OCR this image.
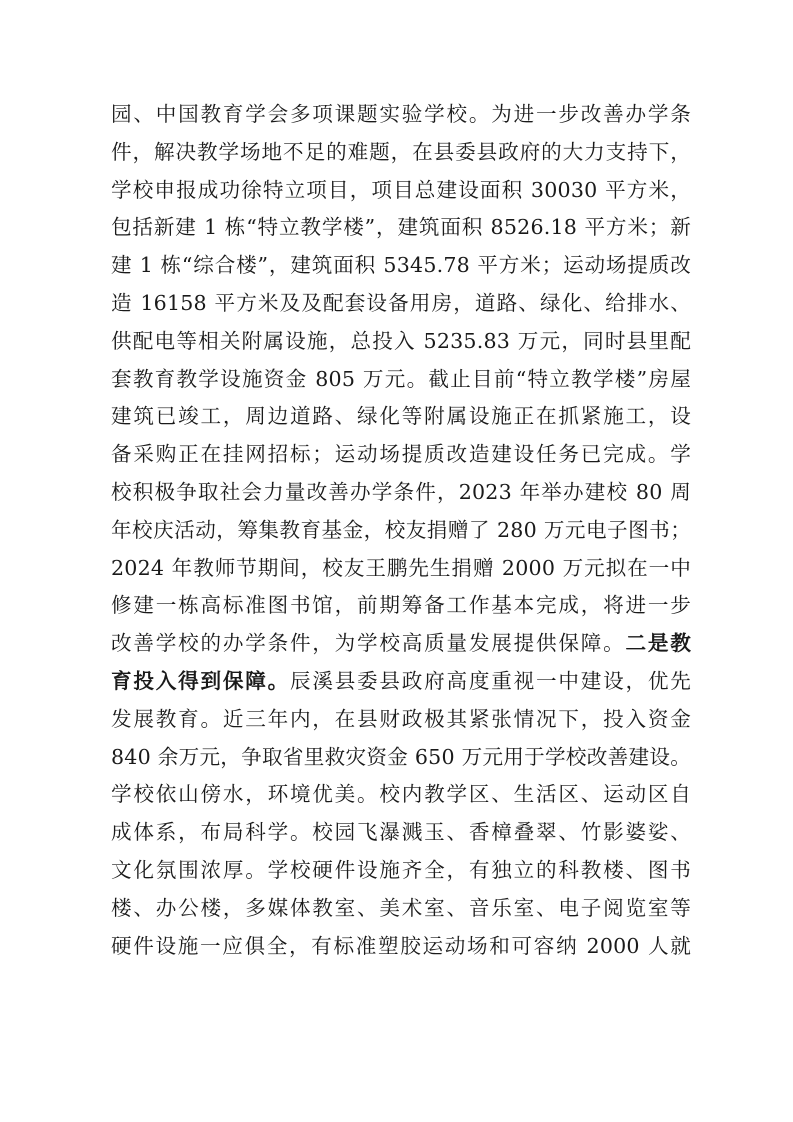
园、中国教育学会多项课题实验学校。为进一步改善办学条
件，解决教学场地不足的难题，在县委县政府的大力支持下，
学校申报成功徐特立项目，项目总建设面积 30030 平方米，
包括新建 1 栋“特立教学楼”，建筑面积 8526.18 平方米；新
建 1 栋“综合楼”，建筑面积 5345.78 平方米；运动场提质改
造 16158 平方米及及配套设备用房，道路、绿化、给排水、
供配电等相关附属设施，总投入 5235.83 万元，同时县里配
套教育教学设施资金 805 万元。截止目前“特立教学楼”房屋
建筑已竣工，周边道路、绿化等附属设施正在抓紧施工，设
备采购正在挂网招标；运动场提质改造建设任务已完成。学
校积极争取社会力量改善办学条件，2023 年举办建校 80 周
年校庆活动，筹集教育基金，校友捐赠了 280 万元电子图书；
2024 年教师节期间，校友王鹏先生捐赠 2000 万元拟在一中
修建一栋高标准图书馆，前期筹备工作基本完成，将进一步
改善学校的办学条件，为学校高质量发展提供保障。二是教
育投入得到保障。辰溪县委县政府高度重视一中建设，优先
发展教育。近三年内，在县财政极其紧张情况下，投入资金
840 余万元，争取省里救灾资金 650 万元用于学校改善建设。
学校依山傍水，环境优美。校内教学区、生活区、运动区自
成体系，布局科学。校园飞瀑溅玉、香樟叠翠、竹影婆娑、
文化氛围浓厚。学校硬件设施齐全，有独立的科教楼、图书
楼、办公楼，多媒体教室、美术室、音乐室、电子阅览室等
硬件设施一应俱全，有标准塑胶运动场和可容纳 2000 人就
